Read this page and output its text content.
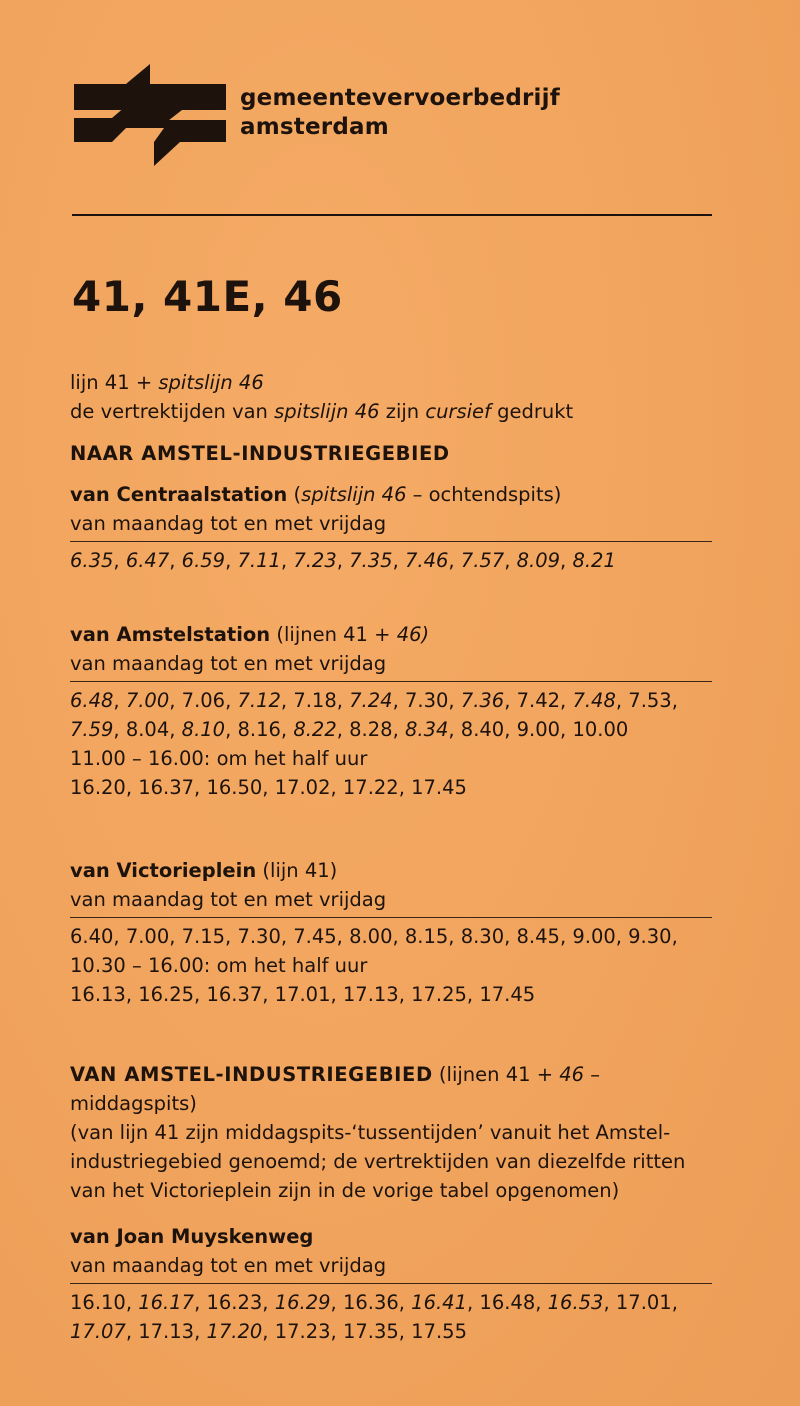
gemeentevervoerbedrijf
amsterdam
41, 41E, 46
lijn 41 + spitslijn 46
de vertrektijden van spitslijn 46 zijn cursief gedrukt
NAAR AMSTEL-INDUSTRIEGEBIED
van Centraalstation (spitslijn 46 – ochtendspits)
van maandag tot en met vrijdag
6.35, 6.47, 6.59, 7.11, 7.23, 7.35, 7.46, 7.57, 8.09, 8.21
van Amstelstation (lijnen 41 + 46)
van maandag tot en met vrijdag
6.48, 7.00, 7.06, 7.12, 7.18, 7.24, 7.30, 7.36, 7.42, 7.48, 7.53,
7.59, 8.04, 8.10, 8.16, 8.22, 8.28, 8.34, 8.40, 9.00, 10.00
11.00 – 16.00: om het half uur
16.20, 16.37, 16.50, 17.02, 17.22, 17.45
van Victorieplein (lijn 41)
van maandag tot en met vrijdag
6.40, 7.00, 7.15, 7.30, 7.45, 8.00, 8.15, 8.30, 8.45, 9.00, 9.30,
10.30 – 16.00: om het half uur
16.13, 16.25, 16.37, 17.01, 17.13, 17.25, 17.45
VAN AMSTEL-INDUSTRIEGEBIED (lijnen 41 + 46 –
middagspits)
(van lijn 41 zijn middagspits-‘tussentijden’ vanuit het Amstel-
industriegebied genoemd; de vertrektijden van diezelfde ritten
van het Victorieplein zijn in de vorige tabel opgenomen)
van Joan Muyskenweg
van maandag tot en met vrijdag
16.10, 16.17, 16.23, 16.29, 16.36, 16.41, 16.48, 16.53, 17.01,
17.07, 17.13, 17.20, 17.23, 17.35, 17.55
